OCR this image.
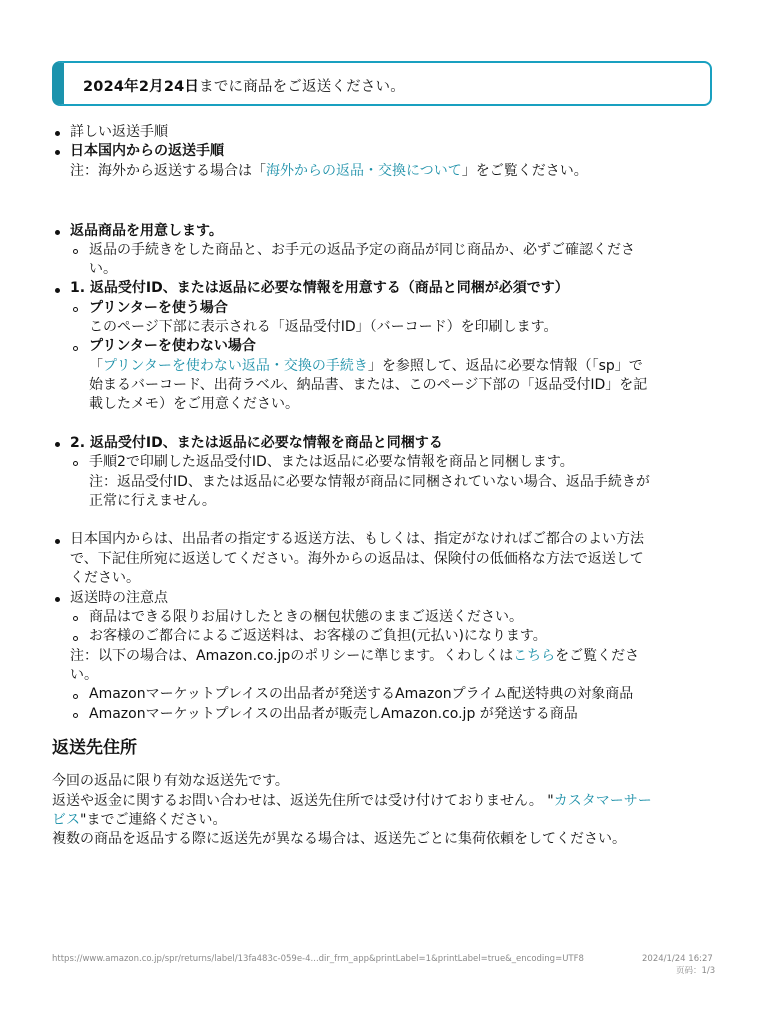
2024年2月24日までに商品をご返送ください。
詳しい返送手順
日本国内からの返送手順
注：海外から返送する場合は「海外からの返品・交換について」をご覧ください。
返品商品を用意します。
返品の手続きをした商品と、お手元の返品予定の商品が同じ商品か、必ずご確認くださ
い。
1. 返品受付ID、または返品に必要な情報を用意する（商品と同梱が必須です）
プリンターを使う場合
このページ下部に表示される「返品受付ID」（バーコード）を印刷します。
プリンターを使わない場合
「プリンターを使わない返品・交換の手続き」を参照して、返品に必要な情報（「sp」で
始まるバーコード、出荷ラベル、納品書、または、このページ下部の「返品受付ID」を記
載したメモ）をご用意ください。
2. 返品受付ID、または返品に必要な情報を商品と同梱する
手順2で印刷した返品受付ID、または返品に必要な情報を商品と同梱します。
注：返品受付ID、または返品に必要な情報が商品に同梱されていない場合、返品手続きが
正常に行えません。
日本国内からは、出品者の指定する返送方法、もしくは、指定がなければご都合のよい方法
で、下記住所宛に返送してください。海外からの返品は、保険付の低価格な方法で返送して
ください。
返送時の注意点
商品はできる限りお届けしたときの梱包状態のままご返送ください。
お客様のご都合によるご返送料は、お客様のご負担(元払い)になります。
注：以下の場合は、Amazon.co.jpのポリシーに準じます。くわしくはこちらをご覧くださ
い。
Amazonマーケットプレイスの出品者が発送するAmazonプライム配送特典の対象商品
Amazonマーケットプレイスの出品者が販売しAmazon.co.jp が発送する商品
返送先住所
今回の返品に限り有効な返送先です。
返送や返金に関するお問い合わせは、返送先住所では受け付けておりません。 "カスタマーサー
ビス"までご連絡ください。
複数の商品を返品する際に返送先が異なる場合は、返送先ごとに集荷依頼をしてください。
https://www.amazon.co.jp/spr/returns/label/13fa483c-059e-4...dir_frm_app&printLabel=1&printLabel=true&_encoding=UTF8	2024/1/24 16:27
页码：1/3
